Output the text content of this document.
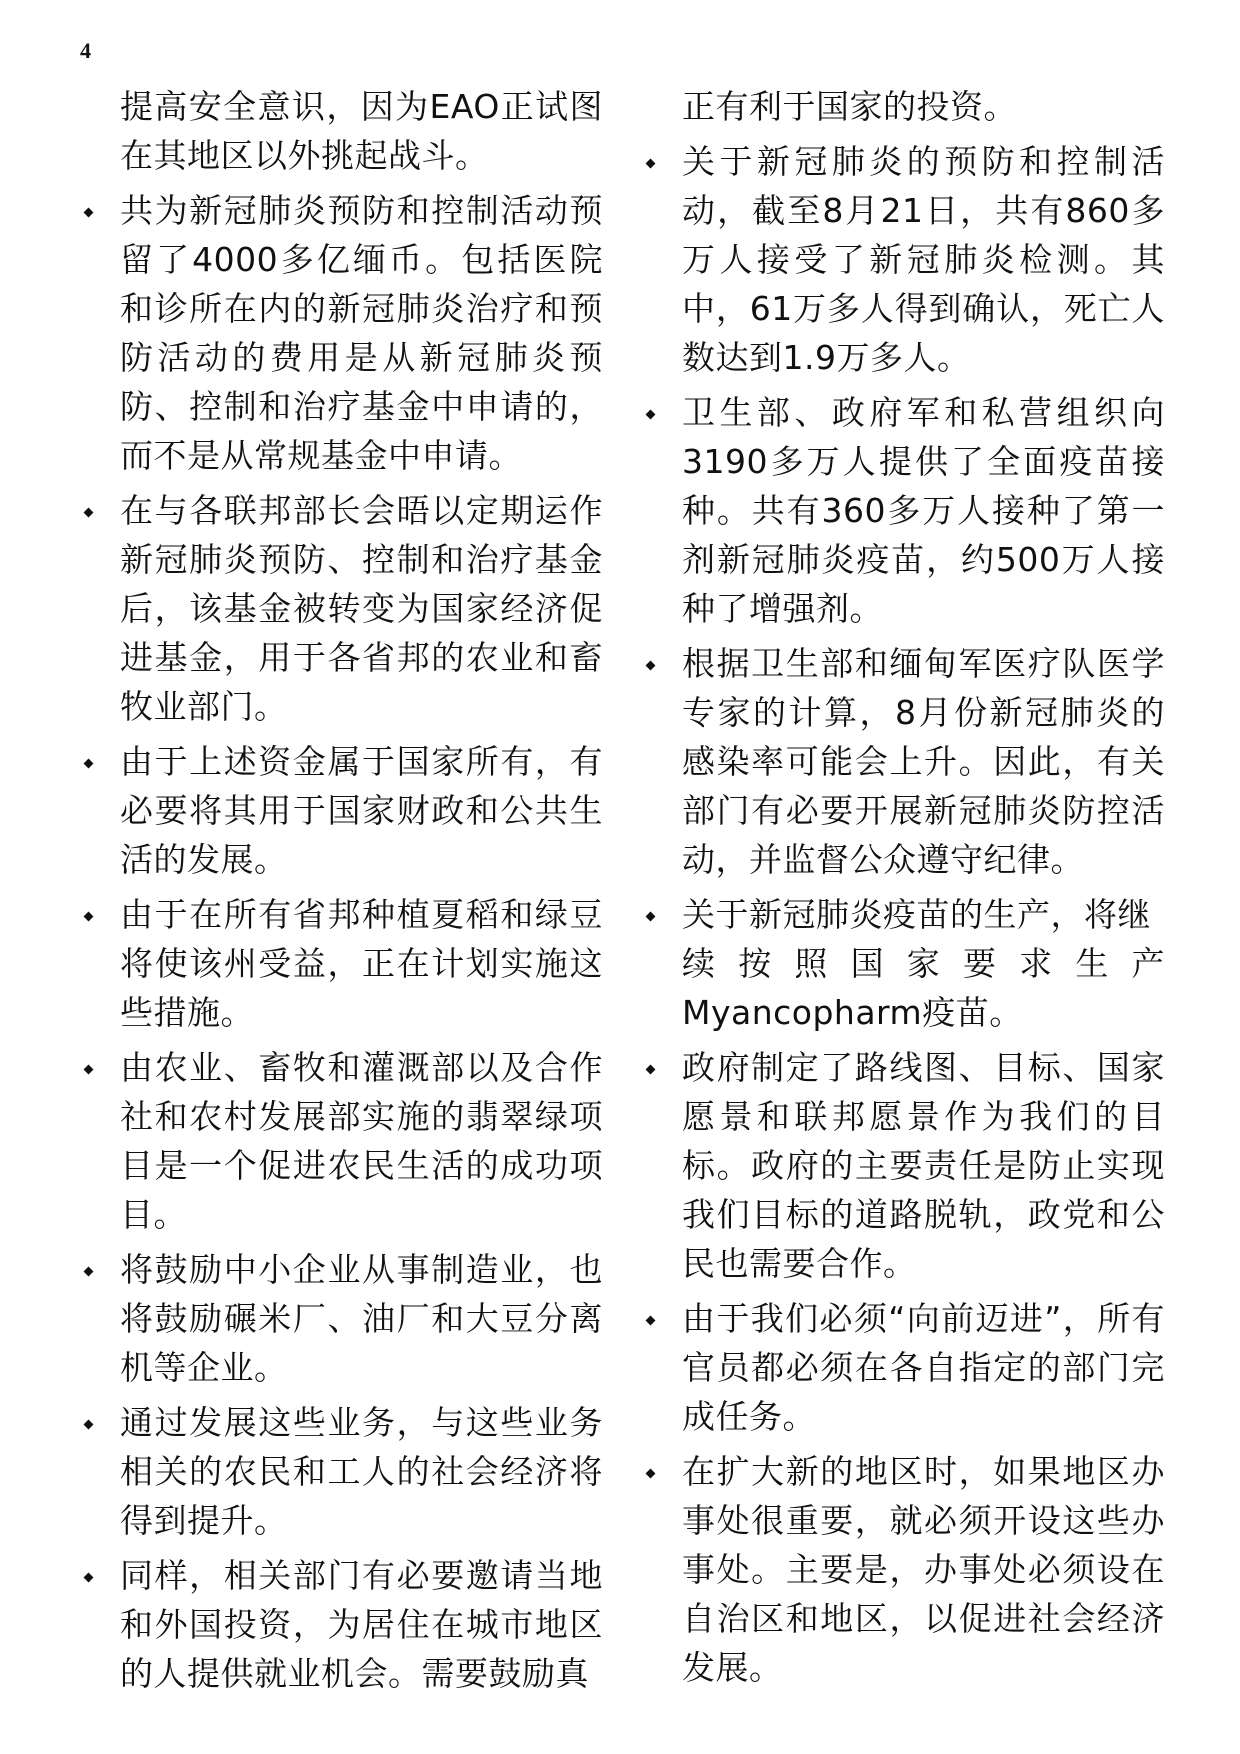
4

提高安全意识，因为EAO正试图在其地区以外挑起战斗。

共为新冠肺炎预防和控制活动预留了4000多亿缅币。包括医院和诊所在内的新冠肺炎治疗和预防活动的费用是从新冠肺炎预防、控制和治疗基金中申请的，而不是从常规基金中申请。
在与各联邦部长会晤以定期运作新冠肺炎预防、控制和治疗基金后，该基金被转变为国家经济促进基金，用于各省邦的农业和畜牧业部门。
由于上述资金属于国家所有，有必要将其用于国家财政和公共生活的发展。
由于在所有省邦种植夏稻和绿豆将使该州受益，正在计划实施这些措施。
由农业、畜牧和灌溉部以及合作社和农村发展部实施的翡翠绿项目是一个促进农民生活的成功项目。
将鼓励中小企业从事制造业，也将鼓励碾米厂、油厂和大豆分离机等企业。
通过发展这些业务，与这些业务相关的农民和工人的社会经济将得到提升。
同样，相关部门有必要邀请当地和外国投资，为居住在城市地区的人提供就业机会。需要鼓励真

正有利于国家的投资。

关于新冠肺炎的预防和控制活动，截至8月21日，共有860多万人接受了新冠肺炎检测。其中，61万多人得到确认，死亡人数达到1.9万多人。
卫生部、政府军和私营组织向3190多万人提供了全面疫苗接种。共有360多万人接种了第一剂新冠肺炎疫苗，约500万人接种了增强剂。
根据卫生部和缅甸军医疗队医学专家的计算，8月份新冠肺炎的感染率可能会上升。因此，有关部门有必要开展新冠肺炎防控活动，并监督公众遵守纪律。
关于新冠肺炎疫苗的生产，将继
续 按 照 国 家 要 求 生 产
Myancopharm疫苗。
政府制定了路线图、目标、国家愿景和联邦愿景作为我们的目标。政府的主要责任是防止实现我们目标的道路脱轨，政党和公民也需要合作。
由于我们必须“向前迈进”，所有官员都必须在各自指定的部门完成任务。
在扩大新的地区时，如果地区办事处很重要，就必须开设这些办事处。主要是，办事处必须设在自治区和地区，以促进社会经济发展。
